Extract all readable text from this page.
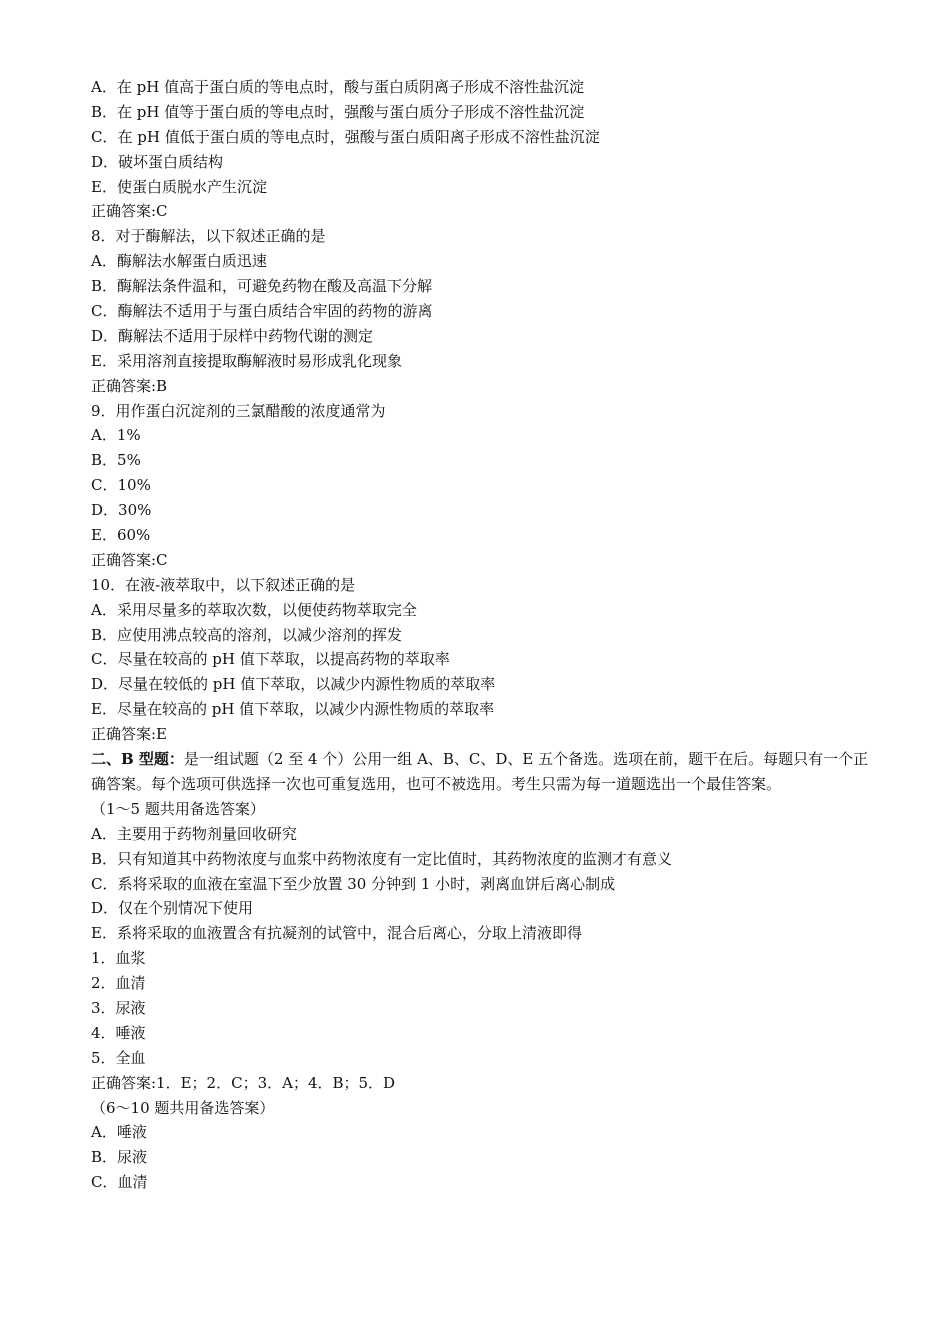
A．在 pH 值高于蛋白质的等电点时，酸与蛋白质阴离子形成不溶性盐沉淀
B．在 pH 值等于蛋白质的等电点时，强酸与蛋白质分子形成不溶性盐沉淀
C．在 pH 值低于蛋白质的等电点时，强酸与蛋白质阳离子形成不溶性盐沉淀
D．破坏蛋白质结构
E．使蛋白质脱水产生沉淀
正确答案:C
8．对于酶解法，以下叙述正确的是
A．酶解法水解蛋白质迅速
B．酶解法条件温和，可避免药物在酸及高温下分解
C．酶解法不适用于与蛋白质结合牢固的药物的游离
D．酶解法不适用于尿样中药物代谢的测定
E．采用溶剂直接提取酶解液时易形成乳化现象
正确答案:B
9．用作蛋白沉淀剂的三氯醋酸的浓度通常为
A．1%
B．5%
C．10%
D．30%
E．60%
正确答案:C
10．在液-液萃取中，以下叙述正确的是
A．采用尽量多的萃取次数，以便使药物萃取完全
B．应使用沸点较高的溶剂，以减少溶剂的挥发
C．尽量在较高的 pH 值下萃取，以提高药物的萃取率
D．尽量在较低的 pH 值下萃取，以减少内源性物质的萃取率
E．尽量在较高的 pH 值下萃取，以减少内源性物质的萃取率
正确答案:E
二、B 型题：是一组试题（2 至 4 个）公用一组 A、B、C、D、E 五个备选。选项在前，题干在后。每题只有一个正确答案。每个选项可供选择一次也可重复选用，也可不被选用。考生只需为每一道题选出一个最佳答案。
（1～5 题共用备选答案）
A．主要用于药物剂量回收研究
B．只有知道其中药物浓度与血浆中药物浓度有一定比值时，其药物浓度的监测才有意义
C．系将采取的血液在室温下至少放置 30 分钟到 1 小时，剥离血饼后离心制成
D．仅在个别情况下使用
E．系将采取的血液置含有抗凝剂的试管中，混合后离心，分取上清液即得
1．血浆
2．血清
3．尿液
4．唾液
5．全血
正确答案:1．E；2．C；3．A；4．B；5．D
（6～10 题共用备选答案）
A．唾液
B．尿液
C．血清
